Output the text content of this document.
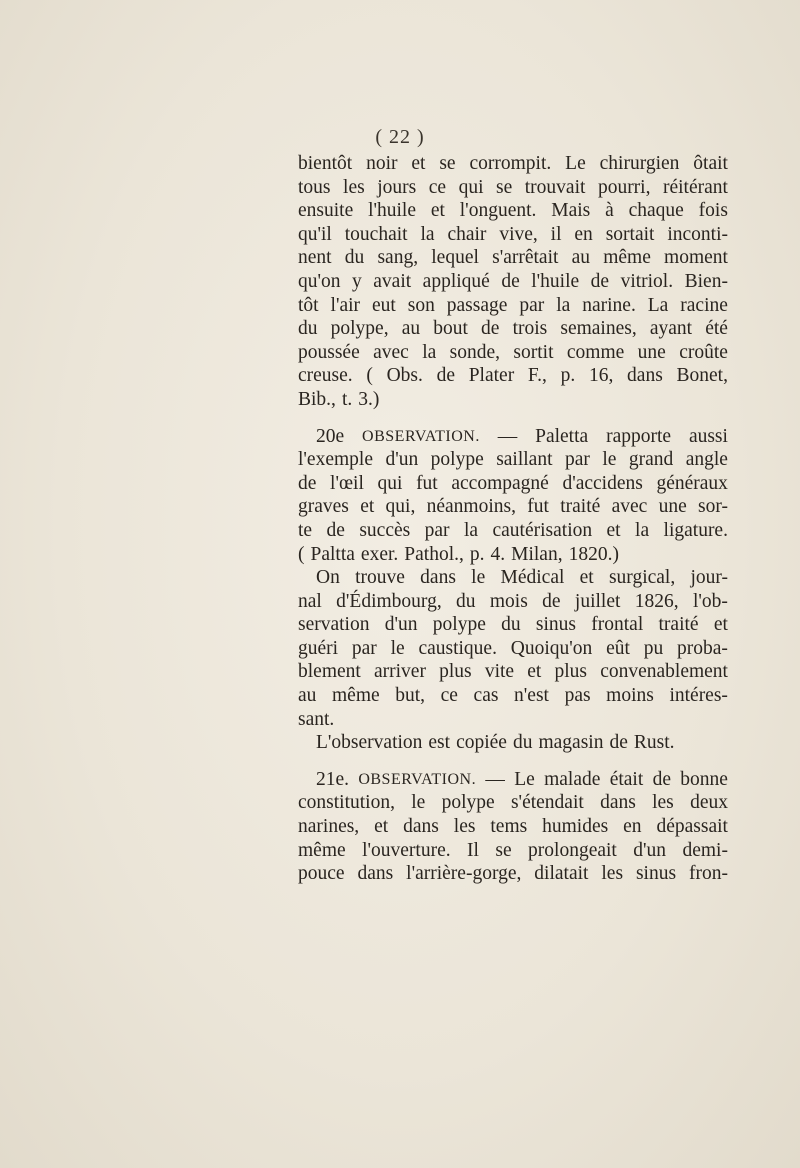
( 22 )
bientôt noir et se corrompit. Le chirurgien ôtait
tous les jours ce qui se trouvait pourri, réitérant
ensuite l'huile et l'onguent. Mais à chaque fois
qu'il touchait la chair vive, il en sortait inconti-
nent du sang, lequel s'arrêtait au même moment
qu'on y avait appliqué de l'huile de vitriol. Bien-
tôt l'air eut son passage par la narine. La racine
du polype, au bout de trois semaines, ayant été
poussée avec la sonde, sortit comme une croûte
creuse. ( Obs. de Plater F., p. 16, dans Bonet,
Bib., t. 3.)
20e OBSERVATION. — Paletta rapporte aussi
l'exemple d'un polype saillant par le grand angle
de l'œil qui fut accompagné d'accidens généraux
graves et qui, néanmoins, fut traité avec une sor-
te de succès par la cautérisation et la ligature.
( Paltta exer. Pathol., p. 4. Milan, 1820.)
On trouve dans le Médical et surgical, jour-
nal d'Édimbourg, du mois de juillet 1826, l'ob-
servation d'un polype du sinus frontal traité et
guéri par le caustique. Quoiqu'on eût pu proba-
blement arriver plus vite et plus convenablement
au même but, ce cas n'est pas moins intéres-
sant.
L'observation est copiée du magasin de Rust.
21e. OBSERVATION. — Le malade était de bonne
constitution, le polype s'étendait dans les deux
narines, et dans les tems humides en dépassait
même l'ouverture. Il se prolongeait d'un demi-
pouce dans l'arrière-gorge, dilatait les sinus fron-
